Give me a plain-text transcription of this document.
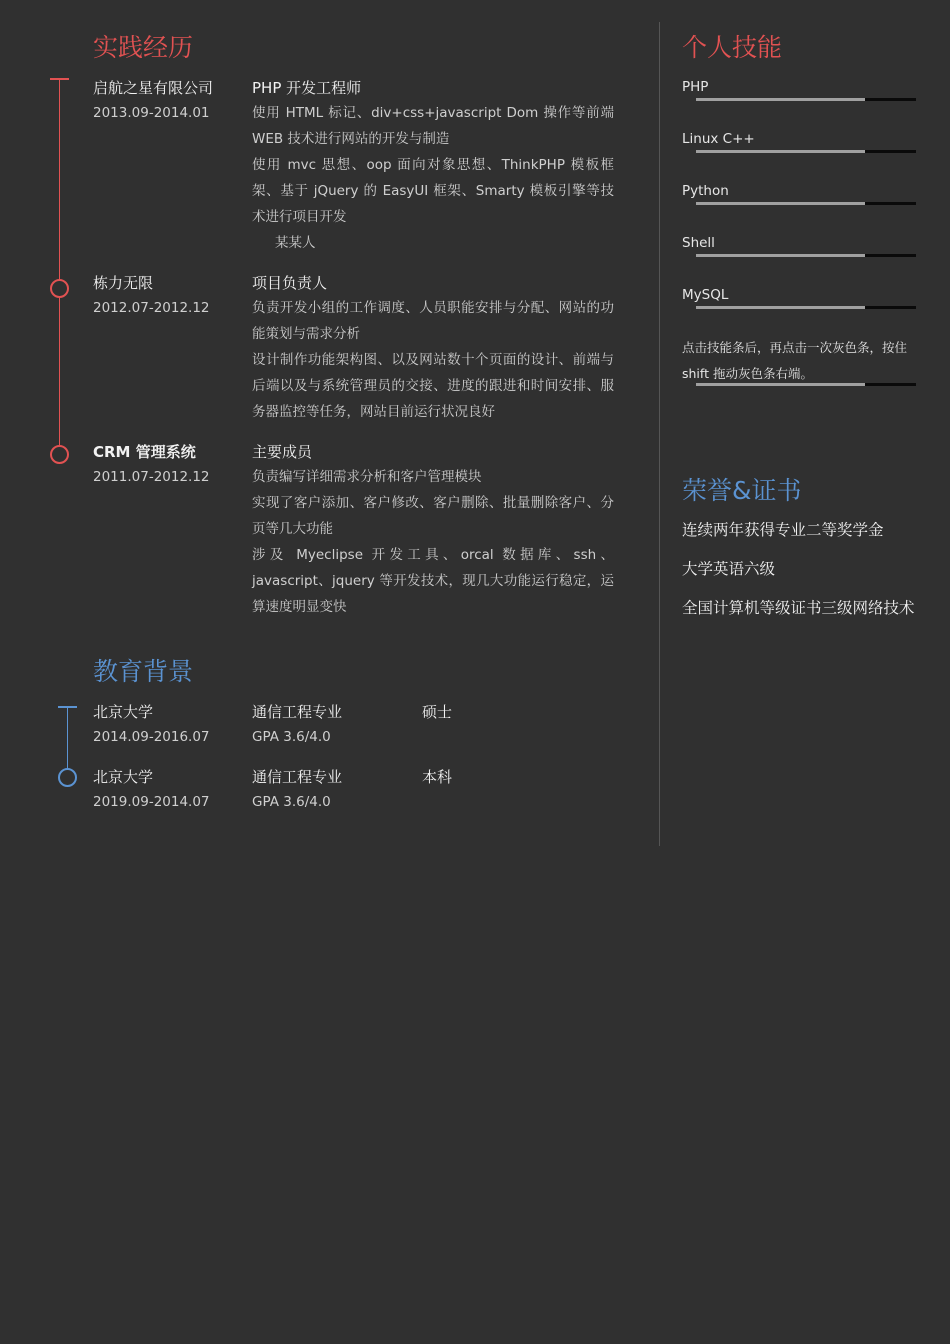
实践经历
启航之星有限公司
2013.09-2014.01
PHP 开发工程师

使用 HTML 标记、div+css+javascript Dom 操作等前端WEB 技术进行网站的开发与制造

使用 mvc 思想、oop 面向对象思想、ThinkPHP 模板框架、基于 jQuery 的 EasyUI 框架、Smarty 模板引擎等技术进行项目开发

某某人

栋力无限
2012.07-2012.12
项目负责人

负责开发小组的工作调度、人员职能安排与分配、网站的功能策划与需求分析

设计制作功能架构图、以及网站数十个页面的设计、前端与后端以及与系统管理员的交接、进度的跟进和时间安排、服务器监控等任务，网站目前运行状况良好

CRM 管理系统
2011.07-2012.12
主要成员

负责编写详细需求分析和客户管理模块

实现了客户添加、客户修改、客户删除、批量删除客户、分页等几大功能

涉及 Myeclipse 开发工具、orcal 数据库、ssh、javascript、jquery 等开发技术，现几大功能运行稳定，运算速度明显变快

教育背景
北京大学	通信工程专业	硕士
2014.09-2016.07	GPA 3.6/4.0
北京大学	通信工程专业	本科
2019.09-2014.07	GPA 3.6/4.0
个人技能
PHP
Linux C++
Python
Shell
MySQL
点击技能条后，再点击一次灰色条，按住 shift 拖动灰色条右端。
荣誉&证书
连续两年获得专业二等奖学金
大学英语六级
全国计算机等级证书三级网络技术
